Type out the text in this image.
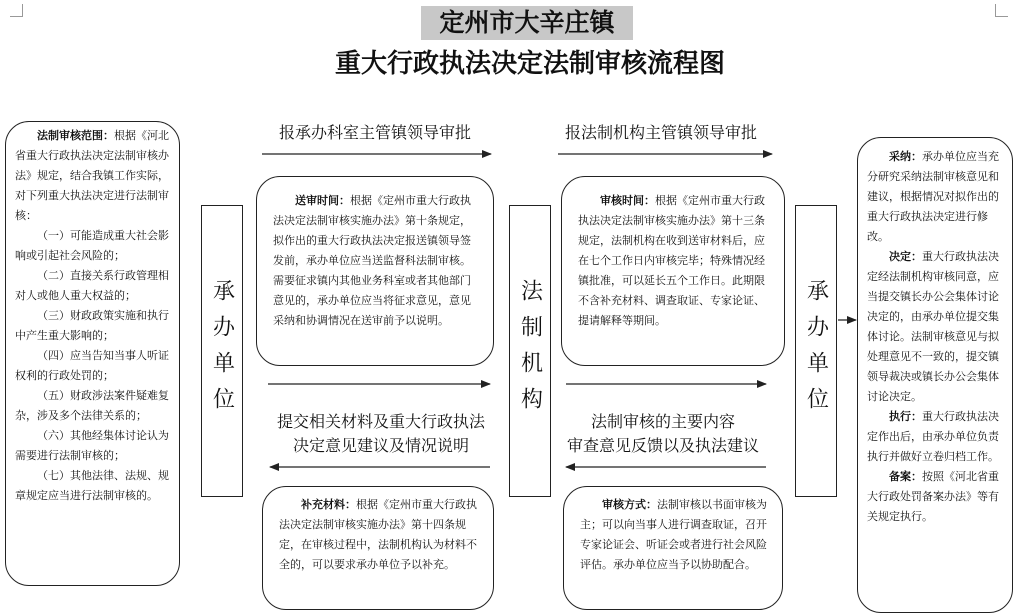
定州市大辛庄镇
重大行政执法决定法制审核流程图

法制审核范围：根据《河北省重大行政执法决定法制审核办法》规定，结合我镇工作实际，对下列重大执法决定进行法制审核：

（一）可能造成重大社会影响或引起社会风险的；

（二）直接关系行政管理相对人或他人重大权益的；

（三）财政政策实施和执行中产生重大影响的；

（四）应当告知当事人听证权利的行政处罚的；

（五）财政涉法案件疑难复杂，涉及多个法律关系的；

（六）其他经集体讨论认为需要进行法制审核的；

（七）其他法律、法规、规章规定应当进行法制审核的。

承办单位	法制机构	承办单位
报承办科室主管镇领导审批	报法制机构主管镇领导审批
提交相关材料及重大行政执法
决定意见建议及情况说明
法制审核的主要内容
审查意见反馈以及执法建议

送审时间：根据《定州市重大行政执法决定法制审核实施办法》第十条规定，拟作出的重大行政执法决定报送镇领导签发前，承办单位应当送监督科法制审核。需要征求镇内其他业务科室或者其他部门意见的，承办单位应当将征求意见，意见采纳和协调情况在送审前予以说明。

审核时间：根据《定州市重大行政执法决定法制审核实施办法》第十三条规定，法制机构在收到送审材料后，应在七个工作日内审核完毕；特殊情况经镇批准，可以延长五个工作日。此期限不含补充材料、调查取证、专家论证、提请解释等期间。

补充材料：根据《定州市重大行政执法决定法制审核实施办法》第十四条规定，在审核过程中，法制机构认为材料不全的，可以要求承办单位予以补充。

审核方式：法制审核以书面审核为主；可以向当事人进行调查取证，召开专家论证会、听证会或者进行社会风险评估。承办单位应当予以协助配合。

采纳：承办单位应当充分研究采纳法制审核意见和建议，根据情况对拟作出的重大行政执法决定进行修改。

决定：重大行政执法决定经法制机构审核同意，应当提交镇长办公会集体讨论决定的，由承办单位提交集体讨论。法制审核意见与拟处理意见不一致的，提交镇领导裁决或镇长办公会集体讨论决定。

执行：重大行政执法决定作出后，由承办单位负责执行并做好立卷归档工作。

备案：按照《河北省重大行政处罚备案办法》等有关规定执行。
